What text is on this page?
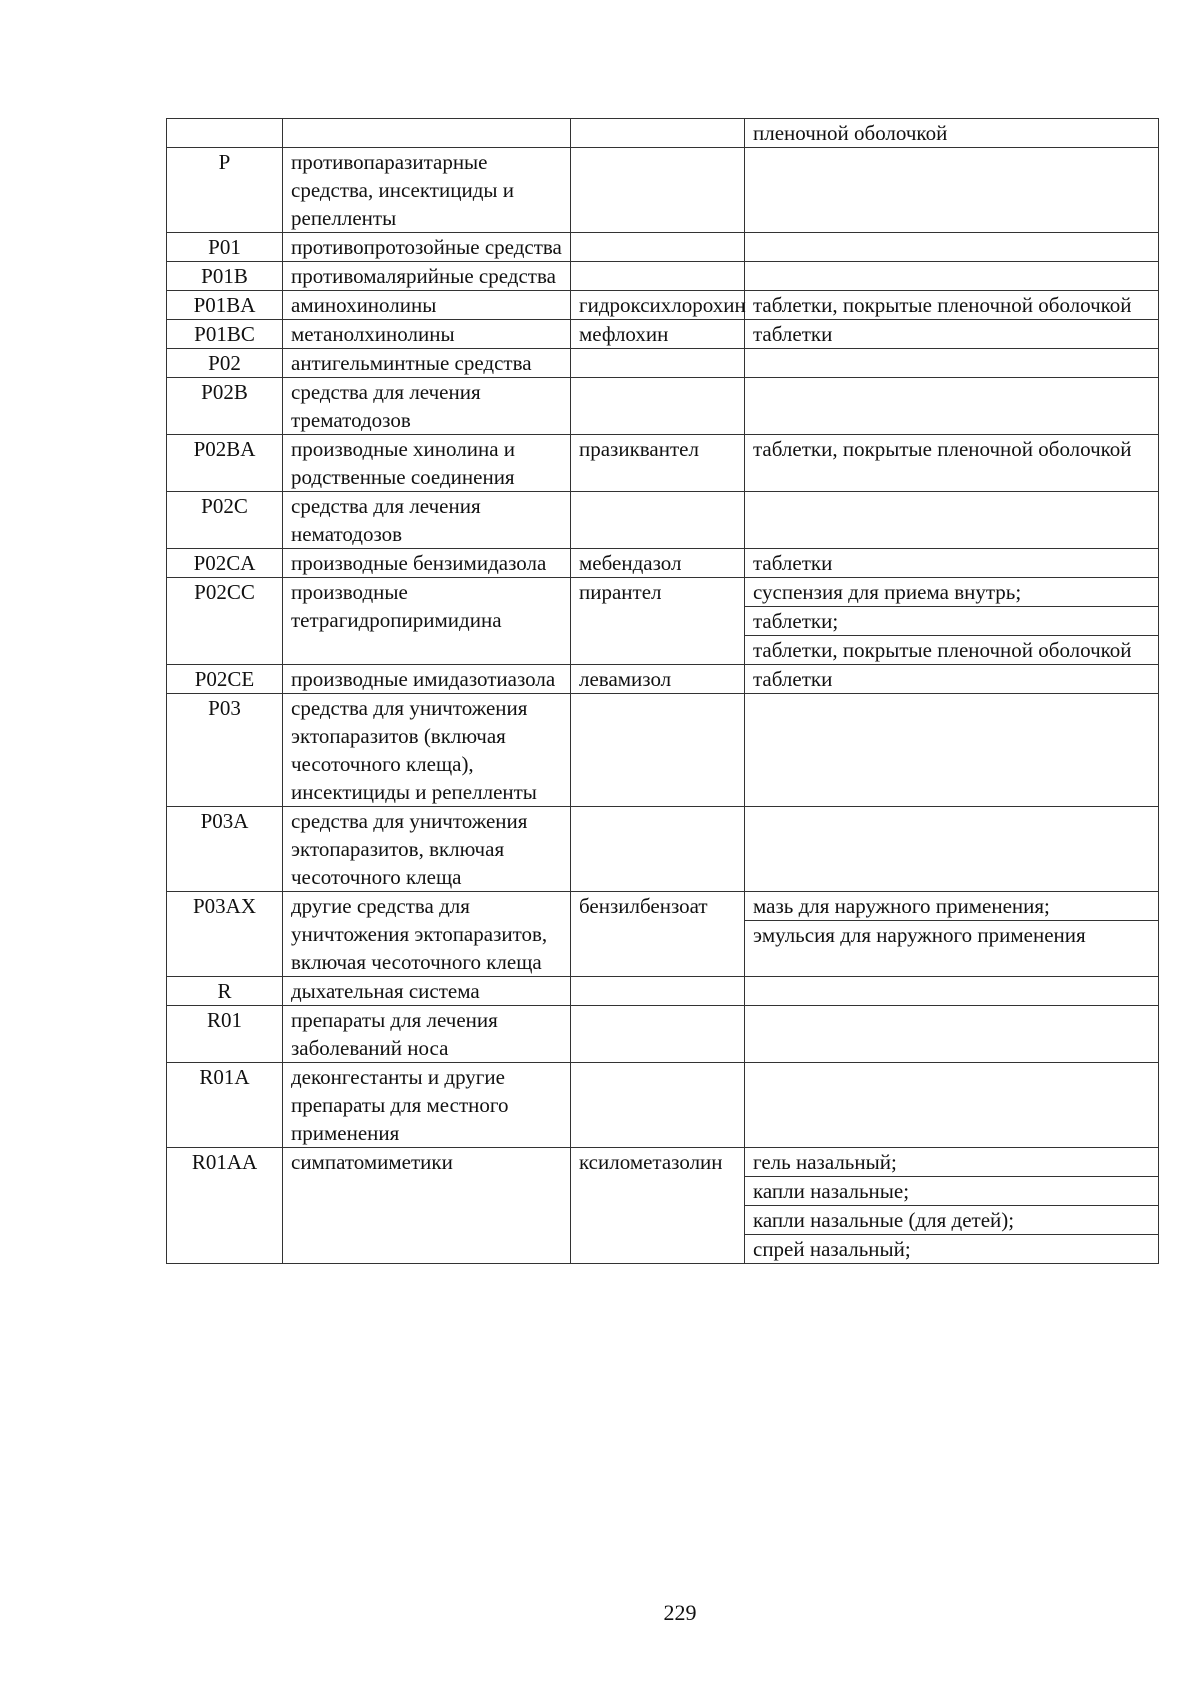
			пленочной оболочкой

P	противопаразитарные средства, инсектициды и репелленты		
P01	противопротозойные средства		
P01B	противомалярийные средства		
P01BA	аминохинолины	гидроксихлорохин	таблетки, покрытые пленочной оболочкой

P01BC	метанолхинолины	мефлохин	таблетки

P02	антигельминтные средства		
P02B	средства для лечения трематодозов		
P02BA	производные хинолина и родственные соединения	празиквантел	таблетки, покрытые пленочной оболочкой

P02C	средства для лечения нематодозов		
P02CA	производные бензимидазола	мебендазол	таблетки

P02CC	производные тетрагидропиримидина	пирантел	суспензия для приема внутрь;
таблетки;
таблетки, покрытые пленочной оболочкой

P02CE	производные имидазотиазола	левамизол	таблетки

P03	средства для уничтожения эктопаразитов (включая чесоточного клеща), инсектициды и репелленты		
P03A	средства для уничтожения эктопаразитов, включая чесоточного клеща		
P03AX	другие средства для уничтожения эктопаразитов, включая чесоточного клеща	бензилбензоат	мазь для наружного применения;
эмульсия для наружного применения

R	дыхательная система		
R01	препараты для лечения заболеваний носа		
R01A	деконгестанты и другие препараты для местного применения		
R01AA	симпатомиметики	ксилометазолин	гель назальный;
капли назальные;
капли назальные (для детей);
спрей назальный;
229
